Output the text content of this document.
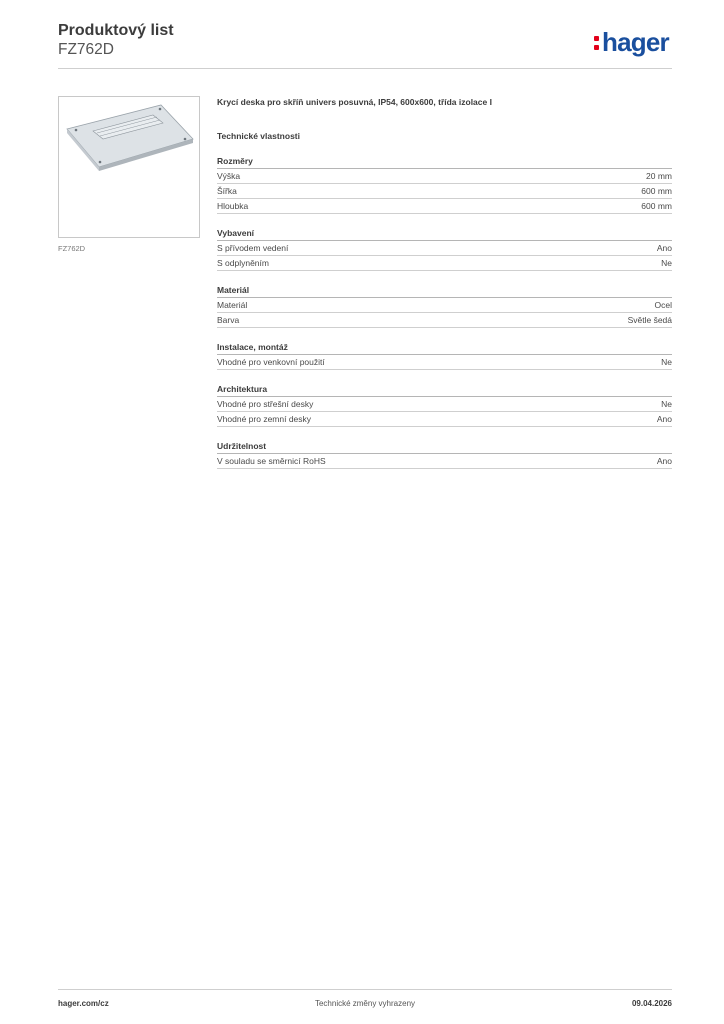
Produktový list
FZ762D	hager
FZ762D
Krycí deska pro skříň univers posuvná, IP54, 600x600, třída izolace I
Technické vlastnosti
Rozměry
Výška	20 mm
Šířka	600 mm
Hloubka	600 mm
Vybavení
S přívodem vedení	Ano
S odplyněním	Ne
Materiál
Materiál	Ocel
Barva	Světle šedá
Instalace, montáž
Vhodné pro venkovní použití	Ne
Architektura
Vhodné pro střešní desky	Ne
Vhodné pro zemní desky	Ano
Udržitelnost
V souladu se směrnicí RoHS	Ano
hager.com/cz	Technické změny vyhrazeny	09.04.2026
